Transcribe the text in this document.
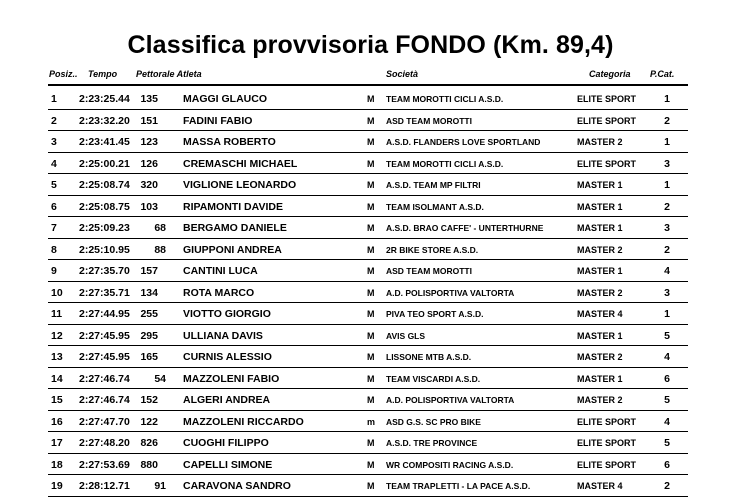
Classifica provvisoria FONDO (Km. 89,4)
Posiz.. Tempo Pettorale Atleta	Società	Categoria P.Cat.
1 2:23:25.44	135 MAGGI GLAUCO	M TEAM MOROTTI CICLI A.S.D.	ELITE SPORT	1
2 2:23:32.20	151 FADINI FABIO	M ASD TEAM MOROTTI	ELITE SPORT	2
3 2:23:41.45	123 MASSA ROBERTO	M A.S.D. FLANDERS LOVE SPORTLAND	MASTER 2	1
4 2:25:00.21	126 CREMASCHI MICHAEL	M TEAM MOROTTI CICLI A.S.D.	ELITE SPORT	3
5 2:25:08.74	320 VIGLIONE LEONARDO	M A.S.D. TEAM MP FILTRI	MASTER 1	1
6 2:25:08.75	103 RIPAMONTI DAVIDE	M TEAM ISOLMANT A.S.D.	MASTER 1	2
7 2:25:09.23	68 BERGAMO DANIELE	M A.S.D. BRAO CAFFE' - UNTERTHURNE	MASTER 1	3
8 2:25:10.95	88 GIUPPONI ANDREA	M 2R BIKE STORE A.S.D.	MASTER 2	2
9 2:27:35.70	157 CANTINI LUCA	M ASD TEAM MOROTTI	MASTER 1	4
10 2:27:35.71	134 ROTA MARCO	M A.D. POLISPORTIVA VALTORTA	MASTER 2	3
11 2:27:44.95	255 VIOTTO GIORGIO	M PIVA TEO SPORT A.S.D.	MASTER 4	1
12 2:27:45.95	295 ULLIANA DAVIS	M AVIS GLS	MASTER 1	5
13 2:27:45.95	165 CURNIS ALESSIO	M LISSONE MTB A.S.D.	MASTER 2	4
14 2:27:46.74	54 MAZZOLENI FABIO	M TEAM VISCARDI A.S.D.	MASTER 1	6
15 2:27:46.74	152 ALGERI ANDREA	M A.D. POLISPORTIVA VALTORTA	MASTER 2	5
16 2:27:47.70	122 MAZZOLENI RICCARDO	m ASD G.S. SC PRO BIKE	ELITE SPORT	4
17 2:27:48.20	826 CUOGHI FILIPPO	M A.S.D. TRE PROVINCE	ELITE SPORT	5
18 2:27:53.69	880 CAPELLI SIMONE	M WR COMPOSITI RACING A.S.D.	ELITE SPORT	6
19 2:28:12.71	91 CARAVONA SANDRO	M TEAM TRAPLETTI - LA PACE A.S.D.	MASTER 4	2
